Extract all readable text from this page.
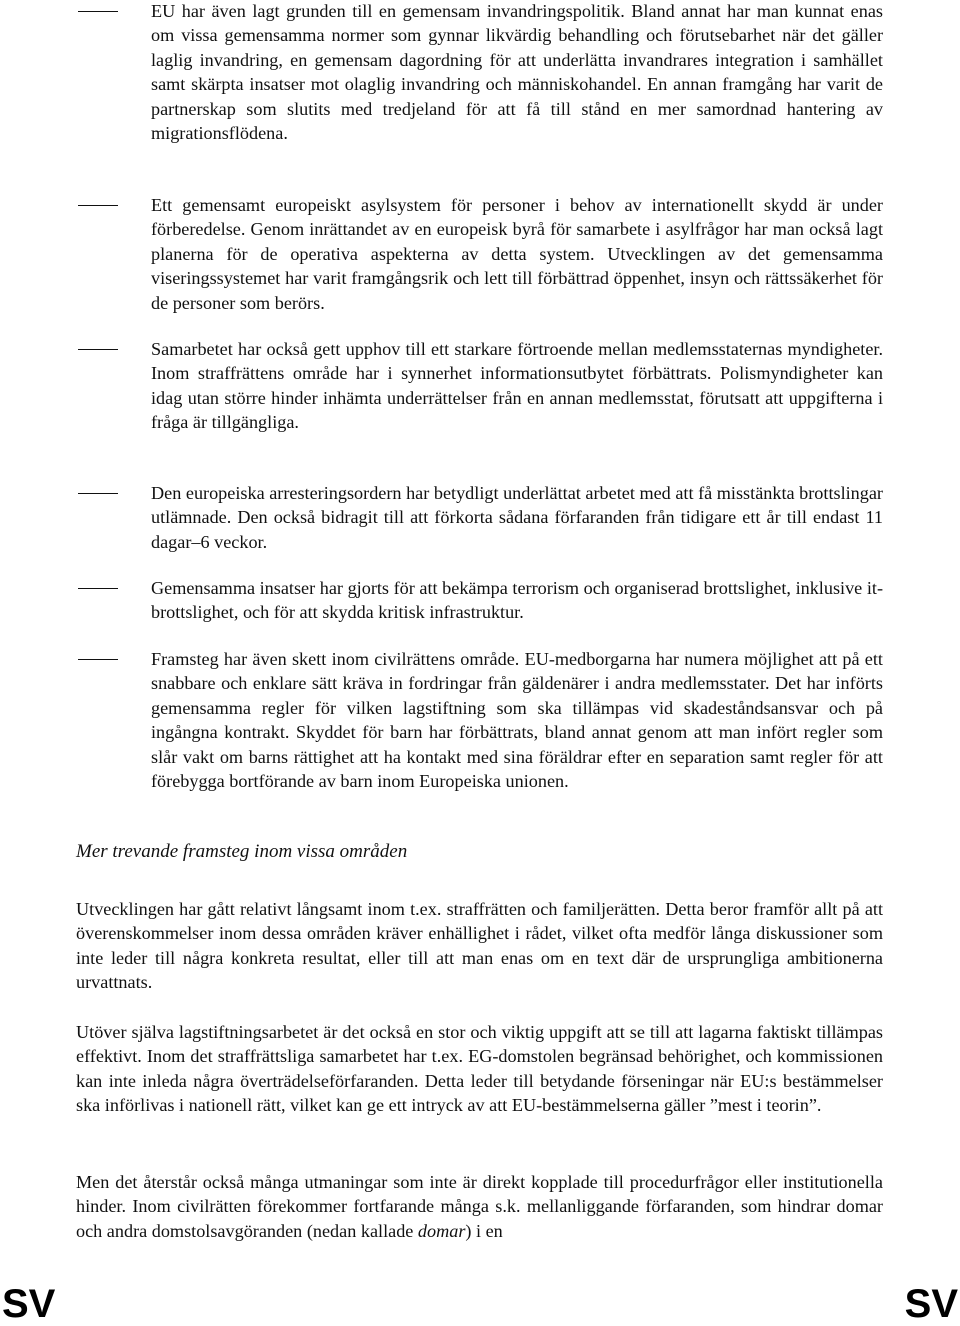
EU har även lagt grunden till en gemensam invandringspolitik. Bland annat har man kunnat enas om vissa gemensamma normer som gynnar likvärdig behandling och förutsebarhet när det gäller laglig invandring, en gemensam dagordning för att underlätta invandrares integration i samhället samt skärpta insatser mot olaglig invandring och människohandel. En annan framgång har varit de partnerskap som slutits med tredjeland för att få till stånd en mer samordnad hantering av migrationsflödena.
Ett gemensamt europeiskt asylsystem för personer i behov av internationellt skydd är under förberedelse. Genom inrättandet av en europeisk byrå för samarbete i asylfrågor har man också lagt planerna för de operativa aspekterna av detta system. Utvecklingen av det gemensamma viseringssystemet har varit framgångsrik och lett till förbättrad öppenhet, insyn och rättssäkerhet för de personer som berörs.
Samarbetet har också gett upphov till ett starkare förtroende mellan medlemsstaternas myndigheter. Inom straffrättens område har i synnerhet informationsutbytet förbättrats. Polismyndigheter kan idag utan större hinder inhämta underrättelser från en annan medlemsstat, förutsatt att uppgifterna i fråga är tillgängliga.
Den europeiska arresteringsordern har betydligt underlättat arbetet med att få misstänkta brottslingar utlämnade. Den också bidragit till att förkorta sådana förfaranden från tidigare ett år till endast 11 dagar–6 veckor.
Gemensamma insatser har gjorts för att bekämpa terrorism och organiserad brottslighet, inklusive it-brottslighet, och för att skydda kritisk infrastruktur.
Framsteg har även skett inom civilrättens område. EU-medborgarna har numera möjlighet att på ett snabbare och enklare sätt kräva in fordringar från gäldenärer i andra medlemsstater. Det har införts gemensamma regler för vilken lagstiftning som ska tillämpas vid skadeståndsansvar och på ingångna kontrakt. Skyddet för barn har förbättrats, bland annat genom att man infört regler som slår vakt om barns rättighet att ha kontakt med sina föräldrar efter en separation samt regler för att förebygga bortförande av barn inom Europeiska unionen.
Mer trevande framsteg inom vissa områden
Utvecklingen har gått relativt långsamt inom t.ex. straffrätten och familjerätten. Detta beror framför allt på att överenskommelser inom dessa områden kräver enhällighet i rådet, vilket ofta medför långa diskussioner som inte leder till några konkreta resultat, eller till att man enas om en text där de ursprungliga ambitionerna urvattnats.
Utöver själva lagstiftningsarbetet är det också en stor och viktig uppgift att se till att lagarna faktiskt tillämpas effektivt. Inom det straffrättsliga samarbetet har t.ex. EG-domstolen begränsad behörighet, och kommissionen kan inte inleda några överträdelseförfaranden. Detta leder till betydande förseningar när EU:s bestämmelser ska införlivas i nationell rätt, vilket kan ge ett intryck av att EU-bestämmelserna gäller ”mest i teorin”.
Men det återstår också många utmaningar som inte är direkt kopplade till procedurfrågor eller institutionella hinder. Inom civilrätten förekommer fortfarande många s.k. mellanliggande förfaranden, som hindrar domar och andra domstolsavgöranden (nedan kallade domar) i en
SV	SV
